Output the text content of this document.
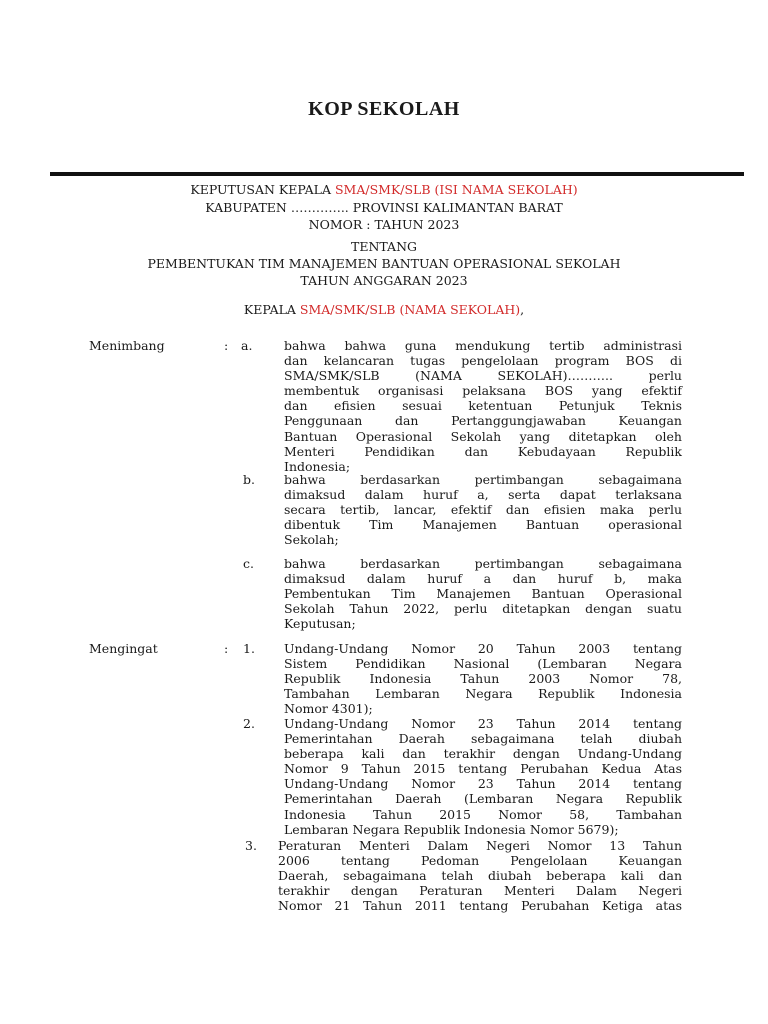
KOP SEKOLAH
KEPUTUSAN KEPALA SMA/SMK/SLB (ISI NAMA SEKOLAH)
KABUPATEN ………….. PROVINSI KALIMANTAN BARAT
NOMOR : TAHUN 2023
TENTANG
PEMBENTUKAN TIM MANAJEMEN BANTUAN OPERASIONAL SEKOLAH
TAHUN ANGGARAN 2023
KEPALA SMA/SMK/SLB (NAMA SEKOLAH),
Menimbang	: a.	bahwa bahwa guna mendukung tertib administrasi
dan kelancaran tugas pengelolaan program BOS di
SMA/SMK/SLB (NAMA SEKOLAH)……….. perlu
membentuk organisasi pelaksana BOS yang efektif
dan efisien sesuai ketentuan Petunjuk Teknis
Penggunaan dan Pertanggungjawaban Keuangan
Bantuan Operasional Sekolah yang ditetapkan oleh
Menteri Pendidikan dan Kebudayaan Republik
Indonesia;
b. bahwa berdasarkan pertimbangan sebagaimana
dimaksud dalam huruf a, serta dapat terlaksana
secara tertib, lancar, efektif dan efisien maka perlu
dibentuk Tim Manajemen Bantuan operasional
Sekolah;
c. bahwa berdasarkan pertimbangan sebagaimana
dimaksud dalam huruf a dan huruf b, maka
Pembentukan Tim Manajemen Bantuan Operasional
Sekolah Tahun 2022, perlu ditetapkan dengan suatu
Keputusan;
Mengingat	: 1. Undang-Undang Nomor 20 Tahun 2003 tentang
Sistem Pendidikan Nasional (Lembaran Negara
Republik Indonesia Tahun 2003 Nomor 78,
Tambahan Lembaran Negara Republik Indonesia
Nomor 4301);
2. Undang-Undang Nomor 23 Tahun 2014 tentang
Pemerintahan Daerah sebagaimana telah diubah
beberapa kali dan terakhir dengan Undang-Undang
Nomor 9 Tahun 2015 tentang Perubahan Kedua Atas
Undang-Undang Nomor 23 Tahun 2014 tentang
Pemerintahan Daerah (Lembaran Negara Republik
Indonesia Tahun 2015 Nomor 58, Tambahan
Lembaran Negara Republik Indonesia Nomor 5679);
3. Peraturan Menteri Dalam Negeri Nomor 13 Tahun
2006 tentang Pedoman Pengelolaan Keuangan
Daerah, sebagaimana telah diubah beberapa kali dan
terakhir dengan Peraturan Menteri Dalam Negeri
Nomor 21 Tahun 2011 tentang Perubahan Ketiga atas
